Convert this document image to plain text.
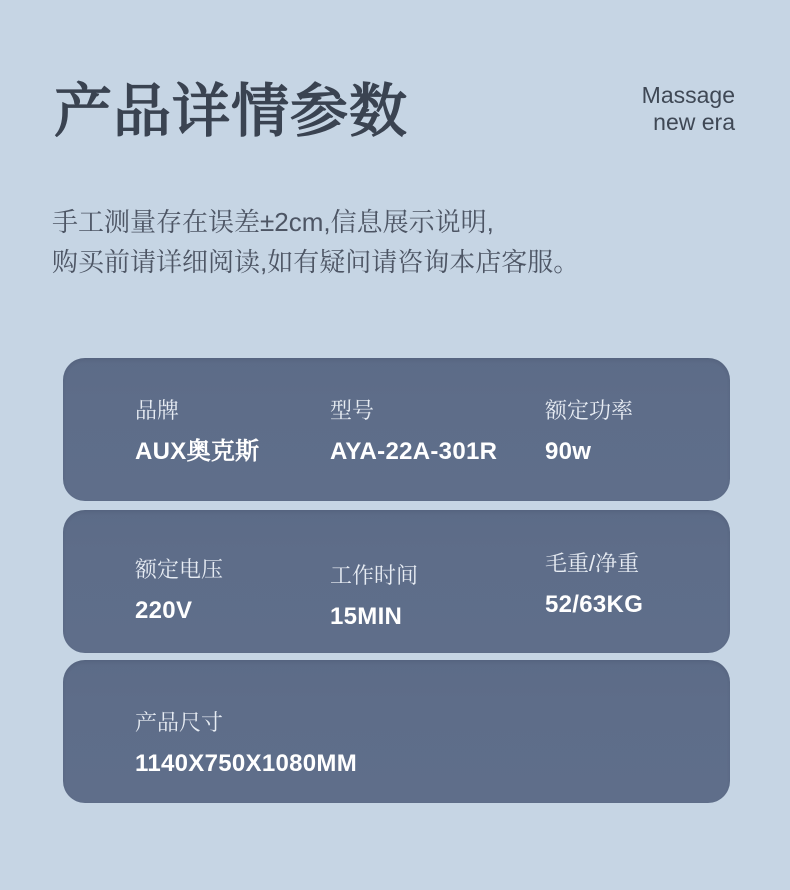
产品详情参数	Massage
new era
手工测量存在误差±2cm,信息展示说明,
购买前请详细阅读,如有疑问请咨询本店客服。
品牌
AUX奥克斯
型号
AYA-22A-301R
额定功率
90w
额定电压
220V
工作时间
15MIN
毛重/净重
52/63KG
产品尺寸
1140X750X1080MM
